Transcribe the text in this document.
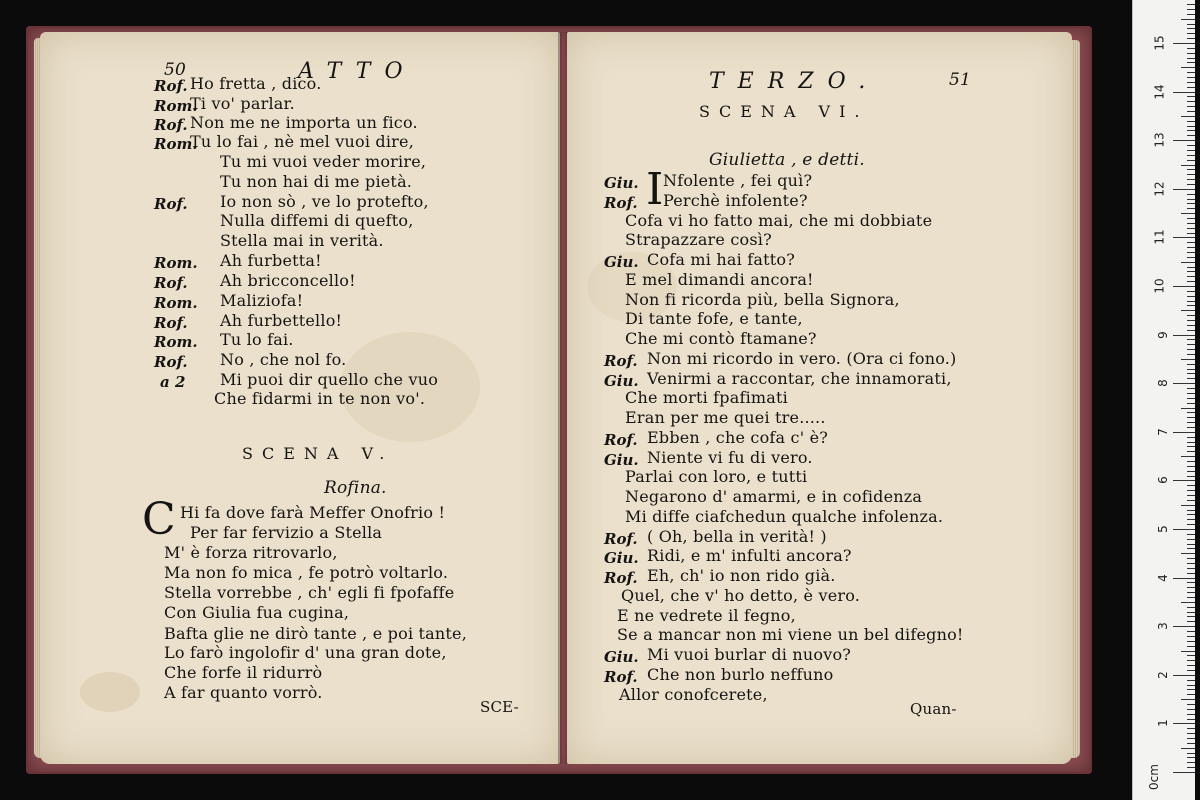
50	ATTO
Rof. Ho fretta , dico.
Rom.
Ti vo' parlar.
Rof. Non me ne importa un fico.
Rom.
Tu lo fai , nè mel vuoi dire,
Tu mi vuoi veder morire,
Tu non hai di me pietà.
Rof. Io non sò , ve lo protefto,
Nulla diffemi di quefto,
Stella mai in verità.
Rom. Ah furbetta!
Rof. Ah bricconcello!
Rom. Maliziofa!
Rof. Ah furbettello!
Rom. Tu lo fai.
Rof. No , che nol fo.
a 2 Mi puoi dir quello che vuo
Che fidarmi in te non vo'.
SCENA V.
Rofina.
C Hi fa dove farà Meffer Onofrio !
Per far fervizio a Stella
M' è forza ritrovarlo,
Ma non fo mica , fe potrò voltarlo.
Stella vorrebbe , ch' egli fi fpofaffe
Con Giulia fua cugina,
Bafta glie ne dirò tante , e poi tante,
Lo farò ingolofir d' una gran dote,
Che forfe il ridurrò
A far quanto vorrò.
SCE-
TERZO.	51
SCENA VI.
Giulietta , e detti.
I
Giu. Nfolente , fei quì?
Rof. Perchè infolente?
Cofa vi ho fatto mai, che mi dobbiate
Strapazzare così?
Giu. Cofa mi hai fatto?
E mel dimandi ancora!
Non fi ricorda più, bella Signora,
Di tante fofe, e tante,
Che mi contò ftamane?
Rof. Non mi ricordo in vero. (Ora ci fono.)
Giu. Venirmi a raccontar, che innamorati,
Che morti fpafimati
Eran per me quei tre.....
Rof. Ebben , che cofa c' è?
Giu. Niente vi fu di vero.
Parlai con loro, e tutti
Negarono d' amarmi, e in cofidenza
Mi diffe ciafchedun qualche infolenza.
Rof. ( Oh, bella in verità! )
Giu. Ridi, e m' infulti ancora?
Rof. Eh, ch' io non rido già.
Quel, che v' ho detto, è vero.
E ne vedrete il fegno,
Se a mancar non mi viene un bel difegno!
Giu. Mi vuoi burlar di nuovo?
Rof. Che non burlo neffuno
Allor conofcerete,
Quan-
1
2
3
4
5
6
7
8
9
10
11
12
13
14
15
0cm
